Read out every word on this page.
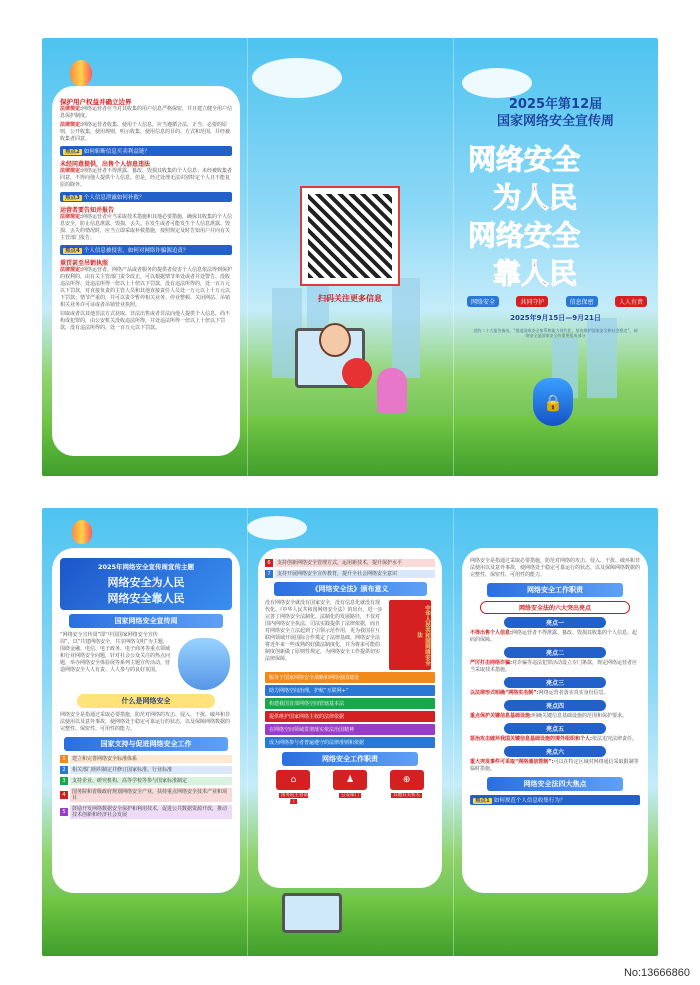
保护用户权益并确立边界
法律规定:网络运营者应当对其收集的用户信息严格保密，并且建立健全用户信息保护制度。
法律规定:网络运营者收集、使用个人信息，应当遵循合法、正当、必要的原则，公开收集、使用规则，明示收集、使用信息的目的、方式和范围，并经被收集者同意。
焦点2 如何斩断信息买卖利益链？
未经同意提供，出售个人信息违法
法律规定:网络运营者不得泄露、篡改、毁损其收集的个人信息；未经被收集者同意，不得向他人提供个人信息。但是，经过处理无法识别特定个人且不能复原的除外。
焦点3 个人信息泄露如何补救？
运营者要告知并报告
法律规定:网络运营者应当采取技术措施和其他必要措施，确保其收集的个人信息安全，防止信息泄露、毁损、丢失。在发生或者可能发生个人信息泄露、毁损、丢失的情况时，应当立即采取补救措施，按照规定及时告知用户并向有关主管部门报告。
焦点4 个人信息被侵害，如何对网络诈骗源追责？
重罚甚至吊销执照
法律规定:网络运营者、网络产品或者服务的提供者侵害个人信息依法得到保护的权利的，由有关主管部门责令改正，可以根据情节单处或者并处警告、没收违法所得、处违法所得一倍以上十倍以下罚款，没有违法所得的，处一百万元以下罚款，对直接负责的主管人员和其他直接责任人员处一万元以上十万元以下罚款；情节严重的，并可以责令暂停相关业务、停业整顿、关闭网站、吊销相关业务许可证或者吊销营业执照。
窃取或者以其他非法方式获取、非法出售或者非法向他人提供个人信息，尚不构成犯罪的，由公安机关没收违法所得，并处违法所得一倍以上十倍以下罚款，没有违法所得的，处一百万元以下罚款。
扫码关注更多信息
2025年第12届
国家网络安全宣传周
网络安全
为人民
网络安全
靠人民
网络安全	共同守护	信息保密	人人有责
2025年9月15日—9月21日
党的二十大报告指出，“推进国家安全体系和能力现代化，坚决维护国家安全和社会稳定”，网络安全是国家安全的重要组成部分
🔒
2025年网络安全宣传周宣传主题
网络安全为人民
网络安全靠人民
国家网络安全宣传周
“网络安全宣传周”即“中国国家网络安全宣传周”，以“共建网络安全，共享网络文明”为主题，围绕金融、电信、电子政务、电子商务等重点领域和行业网络安全问题，针对社会公众关注的热点问题，举办网络安全体验展等系列主题宣传活动，营造网络安全人人有责、人人参与的良好氛围。
什么是网络安全
网络安全是指通过采取必要措施，防范对网络的攻击、侵入、干扰、破坏和非法使用以及意外事故，使网络处于稳定可靠运行的状态，以及保障网络数据的完整性、保密性、可用性的能力。
国家支持与促进网络安全工作
1	建立和完善网络安全标准体系
2	相关部门组织制定并修订国家标准、行业标准
3	支持企业、研究机构、高等学校等参与国家标准制定
4	国务院和省级政府规划网络安全产业，扶持重点网络安全技术产业和项目
5	鼓励开发网络数据安全保护和利用技术，促进公共数据资源开放，推动技术创新和经济社会发展
6	支持创新网络安全管理方式，运用新技术，提升保护水平
7	支持开展网络安全宣传教育，提升全社会网络安全意识
《网络安全法》颁布意义
没有网络安全就没有国家安全，没有信息化就没有现代化。《中华人民共和国网络安全法》的出台，进一步完善了网络安全法制化、法制化的发展路径，不仅对国内网络安全执法、司法实践提供了法律依据，而且对网络安全立法起到了引领示范作用，更为我国在互联网领域开展国际合作奠定了法律基础。网络安全法将近年来一些成熟的好做法制度化，并为将来可能的制度创新做了原则性规定，为网络安全工作提供切实法律保障。	中华人民共和国网络安全法
服务于国家网络安全战略和网络强国建设
助力网络空间治理，护航“互联网+”
构建我国首部网络空间管辖基本法
提供维护国家网络主权的法律依据
在网络空间领域贯彻落实依法治国精神
成为网络参与者普遍遵守的法律准则和依据
网络安全工作职责
⌂
国务院主管部门
♟
公安部门
⊕
其他有关机关
网络安全是指通过采取必要措施，防范对网络的攻击、侵入、干扰、破坏和非法使用以及意外事故，使网络处于稳定可靠运行的状态，以及保障网络数据的完整性、保密性、可用性的能力。
网络安全工作职责
网络安全法的六大突出亮点
亮点一
不得出售个人信息:网络运营者不得泄露、篡改、毁损其收集的个人信息，起码的保障。
亮点二
严厉打击网络诈骗:对诈骗等违法犯罪活动设立专门条款，规定网络运营者应当采取技术措施。
亮点三
以法律形式明确“网络实名制”:网络运营者落实真实身份信息。
亮点四
重点保护关键信息基础设施:明确关键信息基础设施的范围和保护要求。
亮点五
惩治攻击破坏我国关键信息基础设施的境外组织和个人:依法追究法律责任。
亮点六
重大突发事件可采取“网络通信管制”:可以在特定区域对网络通信采取限制等临时措施。
网络安全法四大焦点
焦点1 如何规范个人信息收集行为？
No:13666860
